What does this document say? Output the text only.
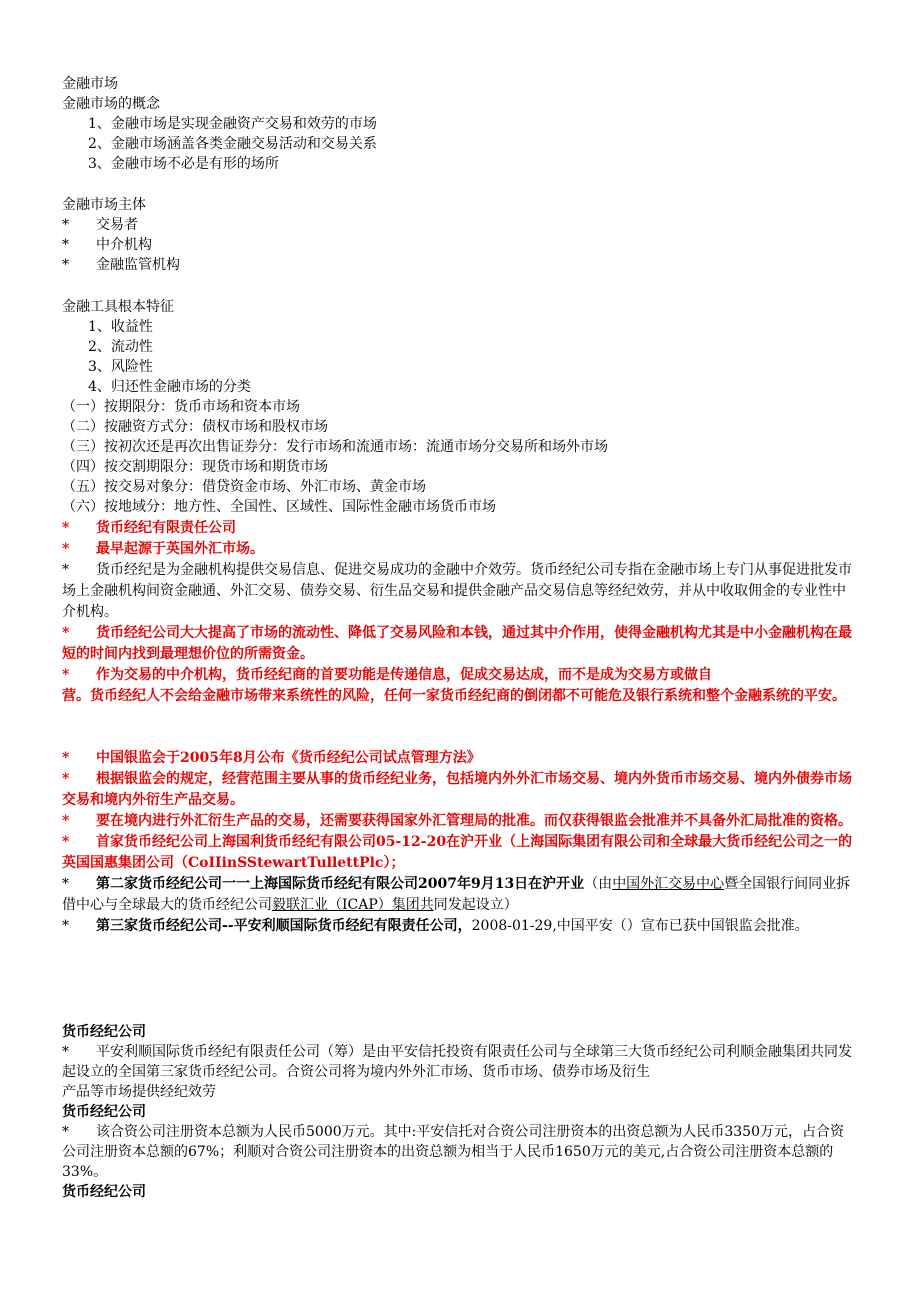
金融市场
金融市场的概念
1、金融市场是实现金融资产交易和效劳的市场
2、金融市场涵盖各类金融交易活动和交易关系
3、金融市场不必是有形的场所
金融市场主体
*	交易者
*	中介机构
*	金融监管机构
金融工具根本特征
1、收益性
2、流动性
3、风险性
4、归还性金融市场的分类
（一）按期限分：货币市场和资本市场
（二）按融资方式分：债权市场和股权市场
（三）按初次还是再次出售证券分：发行市场和流通市场：流通市场分交易所和场外市场
（四）按交割期限分：现货市场和期货市场
（五）按交易对象分：借贷资金市场、外汇市场、黄金市场
（六）按地域分：地方性、全国性、区域性、国际性金融市场货币市场
*	货币经纪有限责任公司
*	最早起源于英国外汇市场。
* 货币经纪是为金融机构提供交易信息、促进交易成功的金融中介效劳。货币经纪公司专指在金融市场上专门从事促进批发市场上金融机构间资金融通、外汇交易、债券交易、衍生品交易和提供金融产品交易信息等经纪效劳，并从中收取佣金的专业性中介机构。
* 货币经纪公司大大提高了市场的流动性、降低了交易风险和本钱，通过其中介作用，使得金融机构尤其是中小金融机构在最短的时间内找到最理想价位的所需资金。
* 作为交易的中介机构，货币经纪商的首要功能是传递信息，促成交易达成，而不是成为交易方或做自
营。货币经纪人不会给金融市场带来系统性的风险，任何一家货币经纪商的倒闭都不可能危及银行系统和整个金融系统的平安。
* 中国银监会于2005年8月公布《货币经纪公司试点管理方法》
* 根据银监会的规定，经营范围主要从事的货币经纪业务，包括境内外外汇市场交易、境内外货币市场交易、境内外债券市场交易和境内外衍生产品交易。
* 要在境内进行外汇衍生产品的交易，还需要获得国家外汇管理局的批准。而仅获得银监会批准并不具备外汇局批准的资格。
* 首家货币经纪公司上海国利货币经纪有限公司05-12-20在沪开业（上海国际集团有限公司和全球最大货币经纪公司之一的英国国惠集团公司（CoIIinSStewartTullettPlc）；
* 第二家货币经纪公司一一上海国际货币经纪有限公司2007年9月13日在沪开业（由中国外汇交易中心暨全国银行间同业拆借中心与全球最大的货币经纪公司毅联汇业（ICAP）集团共同发起设立）
* 第三家货币经纪公司--平安利顺国际货币经纪有限责任公司，2008-01-29,中国平安（）宣布已获中国银监会批准。
货币经纪公司
* 平安利顺国际货币经纪有限责任公司（筹）是由平安信托投资有限责任公司与全球第三大货币经纪公司利顺金融集团共同发起设立的全国第三家货币经纪公司。合资公司将为境内外外汇市场、货币市场、债券市场及衍生
产品等市场提供经纪效劳
货币经纪公司
* 该合资公司注册资本总额为人民币5000万元。其中:平安信托对合资公司注册资本的出资总额为人民币3350万元，占合资公司注册资本总额的67%；利顺对合资公司注册资本的出资总额为相当于人民币1650万元的美元,占合资公司注册资本总额的33%。
货币经纪公司
